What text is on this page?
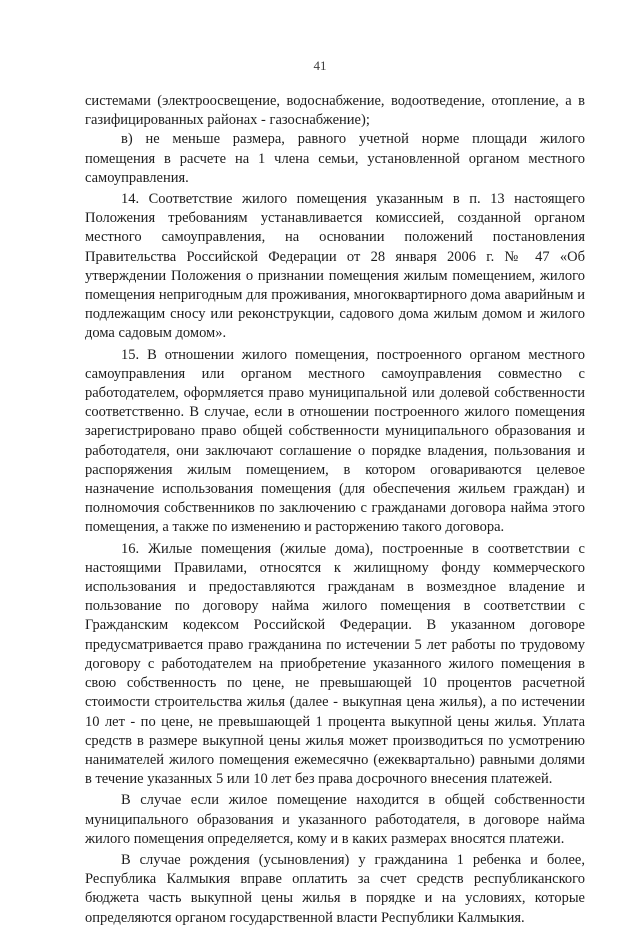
41

системами (электроосвещение, водоснабжение, водоотведение, отопление, а в газифицированных районах - газоснабжение);

в) не меньше размера, равного учетной норме площади жилого помещения в расчете на 1 члена семьи, установленной органом местного самоуправления.

14. Соответствие жилого помещения указанным в п. 13 настоящего Положения требованиям устанавливается комиссией, созданной органом местного самоуправления, на основании положений постановления Правительства Российской Федерации от 28 января 2006 г. № 47 «Об утверждении Положения о признании помещения жилым помещением, жилого помещения непригодным для проживания, многоквартирного дома аварийным и подлежащим сносу или реконструкции, садового дома жилым домом и жилого дома садовым домом».

15. В отношении жилого помещения, построенного органом местного самоуправления или органом местного самоуправления совместно с работодателем, оформляется право муниципальной или долевой собственности соответственно. В случае, если в отношении построенного жилого помещения зарегистрировано право общей собственности муниципального образования и работодателя, они заключают соглашение о порядке владения, пользования и распоряжения жилым помещением, в котором оговариваются целевое назначение использования помещения (для обеспечения жильем граждан) и полномочия собственников по заключению с гражданами договора найма этого помещения, а также по изменению и расторжению такого договора.

16. Жилые помещения (жилые дома), построенные в соответствии с настоящими Правилами, относятся к жилищному фонду коммерческого использования и предоставляются гражданам в возмездное владение и пользование по договору найма жилого помещения в соответствии с Гражданским кодексом Российской Федерации. В указанном договоре предусматривается право гражданина по истечении 5 лет работы по трудовому договору с работодателем на приобретение указанного жилого помещения в свою собственность по цене, не превышающей 10 процентов расчетной стоимости строительства жилья (далее - выкупная цена жилья), а по истечении 10 лет - по цене, не превышающей 1 процента выкупной цены жилья. Уплата средств в размере выкупной цены жилья может производиться по усмотрению нанимателей жилого помещения ежемесячно (ежеквартально) равными долями в течение указанных 5 или 10 лет без права досрочного внесения платежей.

В случае если жилое помещение находится в общей собственности муниципального образования и указанного работодателя, в договоре найма жилого помещения определяется, кому и в каких размерах вносятся платежи.

В случае рождения (усыновления) у гражданина 1 ребенка и более, Республика Калмыкия вправе оплатить за счет средств республиканского бюджета часть выкупной цены жилья в порядке и на условиях, которые определяются органом государственной власти Республики Калмыкия.
